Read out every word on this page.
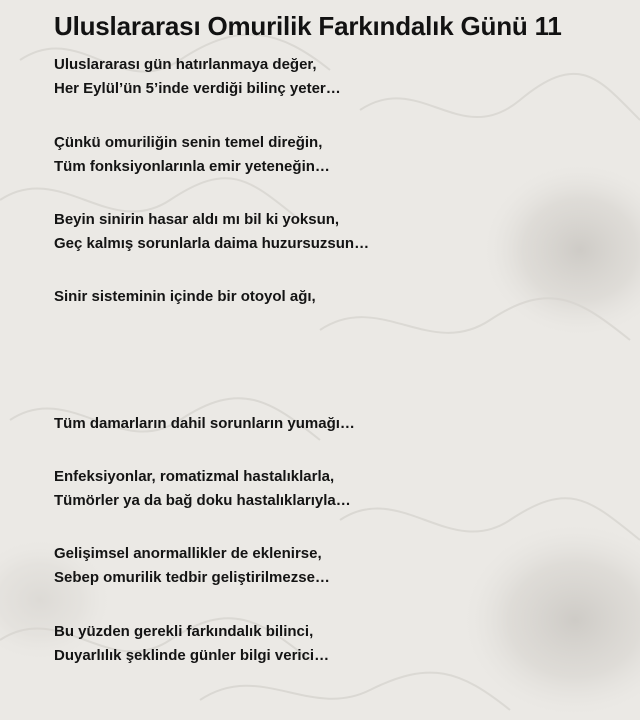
Uluslararası Omurilik Farkındalık Günü 11

Uluslararası gün hatırlanmaya değer,

Her Eylül’ün 5’inde verdiği bilinç yeter…

Çünkü omuriliğin senin temel direğin,

Tüm fonksiyonlarınla emir yeteneğin…

Beyin sinirin hasar aldı mı bil ki yoksun,

Geç kalmış sorunlarla daima huzursuzsun…

Sinir sisteminin içinde bir otoyol ağı,

Tüm damarların dahil sorunların yumağı…

Enfeksiyonlar, romatizmal hastalıklarla,

Tümörler ya da bağ doku hastalıklarıyla…

Gelişimsel anormallikler de eklenirse,

Sebep omurilik tedbir geliştirilmezse…

Bu yüzden gerekli farkındalık bilinci,

Duyarlılık şeklinde günler bilgi verici…
